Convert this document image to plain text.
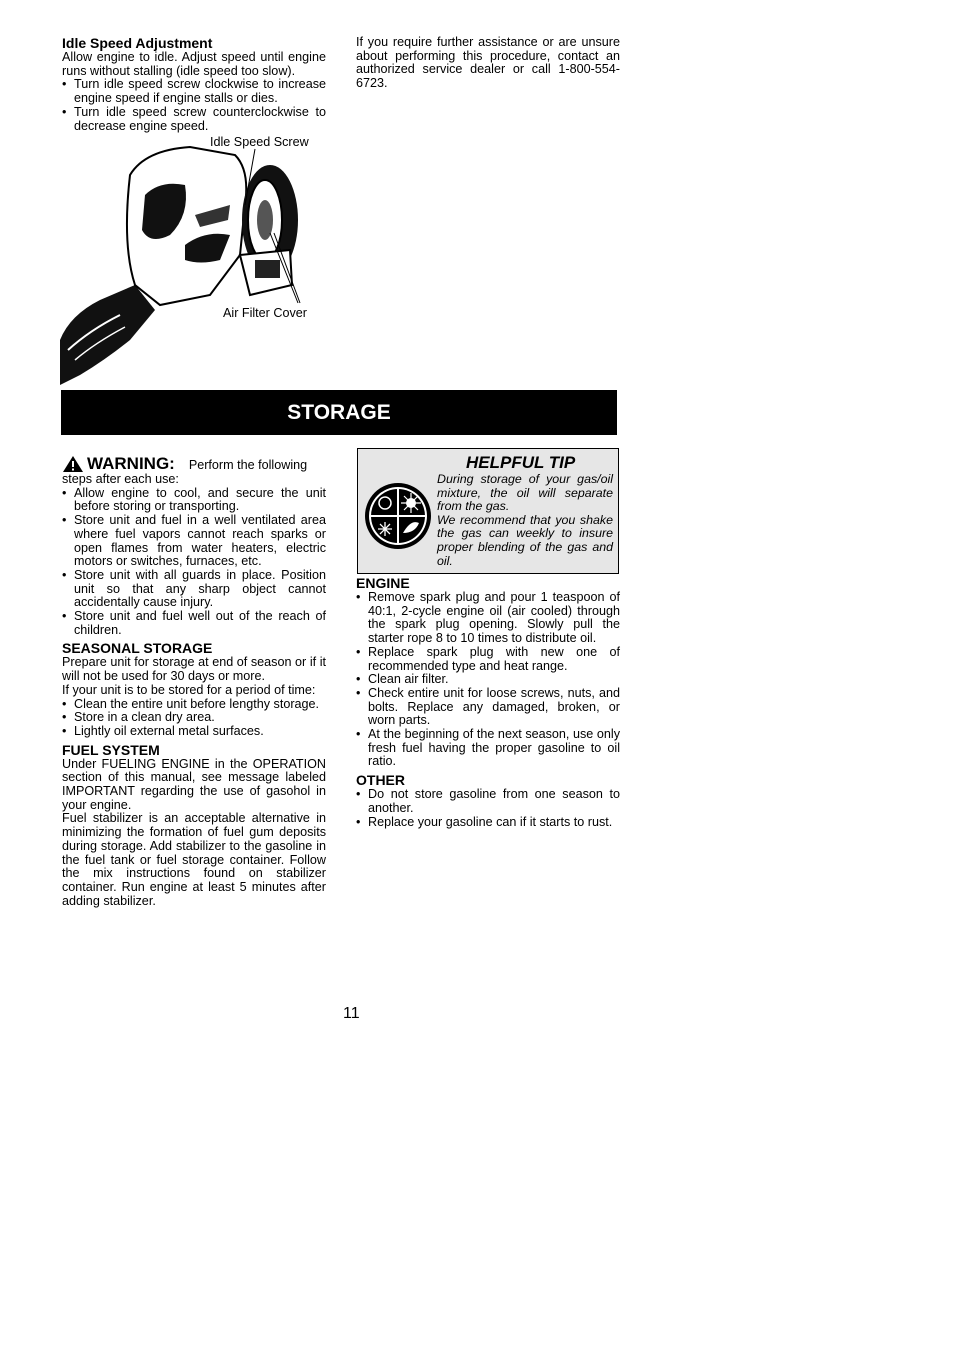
Idle Speed Adjustment

Allow engine to idle. Adjust speed until engine runs without stalling (idle speed too slow).

• Turn idle speed screw clockwise to increase engine speed if engine stalls or dies.
• Turn idle speed screw counterclockwise to decrease engine speed.

If you require further assistance or are unsure about performing this procedure, contact an authorized service dealer or call 1-800-554-6723.

Idle Speed Screw
Air Filter Cover
STORAGE
WARNING: Perform the following

steps after each use:

• Allow engine to cool, and secure the unit before storing or transporting.
• Store unit and fuel in a well ventilated area where fuel vapors cannot reach sparks or open flames from water heaters, electric motors or switches, furnaces, etc.
• Store unit with all guards in place. Position unit so that any sharp object cannot accidentally cause injury.
• Store unit and fuel well out of the reach of children.
SEASONAL STORAGE

Prepare unit for storage at end of season or if it will not be used for 30 days or more.

If your unit is to be stored for a period of time:

• Clean the entire unit before lengthy storage.
• Store in a clean dry area.
• Lightly oil external metal surfaces.
FUEL SYSTEM

Under FUELING ENGINE in the OPERATION section of this manual, see message labeled IMPORTANT regarding the use of gasohol in your engine.

Fuel stabilizer is an acceptable alternative in minimizing the formation of fuel gum deposits during storage. Add stabilizer to the gasoline in the fuel tank or fuel storage container. Follow the mix instructions found on stabilizer container. Run engine at least 5 minutes after adding stabilizer.

HELPFUL TIP

During storage of your gas/oil mixture, the oil will separate from the gas.

We recommend that you shake the gas can weekly to insure proper blending of the gas and oil.

ENGINE
• Remove spark plug and pour 1 teaspoon of 40:1, 2-cycle engine oil (air cooled) through the spark plug opening. Slowly pull the starter rope 8 to 10 times to distribute oil.
• Replace spark plug with new one of recommended type and heat range.
• Clean air filter.
• Check entire unit for loose screws, nuts, and bolts. Replace any damaged, broken, or worn parts.
• At the beginning of the next season, use only fresh fuel having the proper gasoline to oil ratio.
OTHER
• Do not store gasoline from one season to another.
• Replace your gasoline can if it starts to rust.
11
